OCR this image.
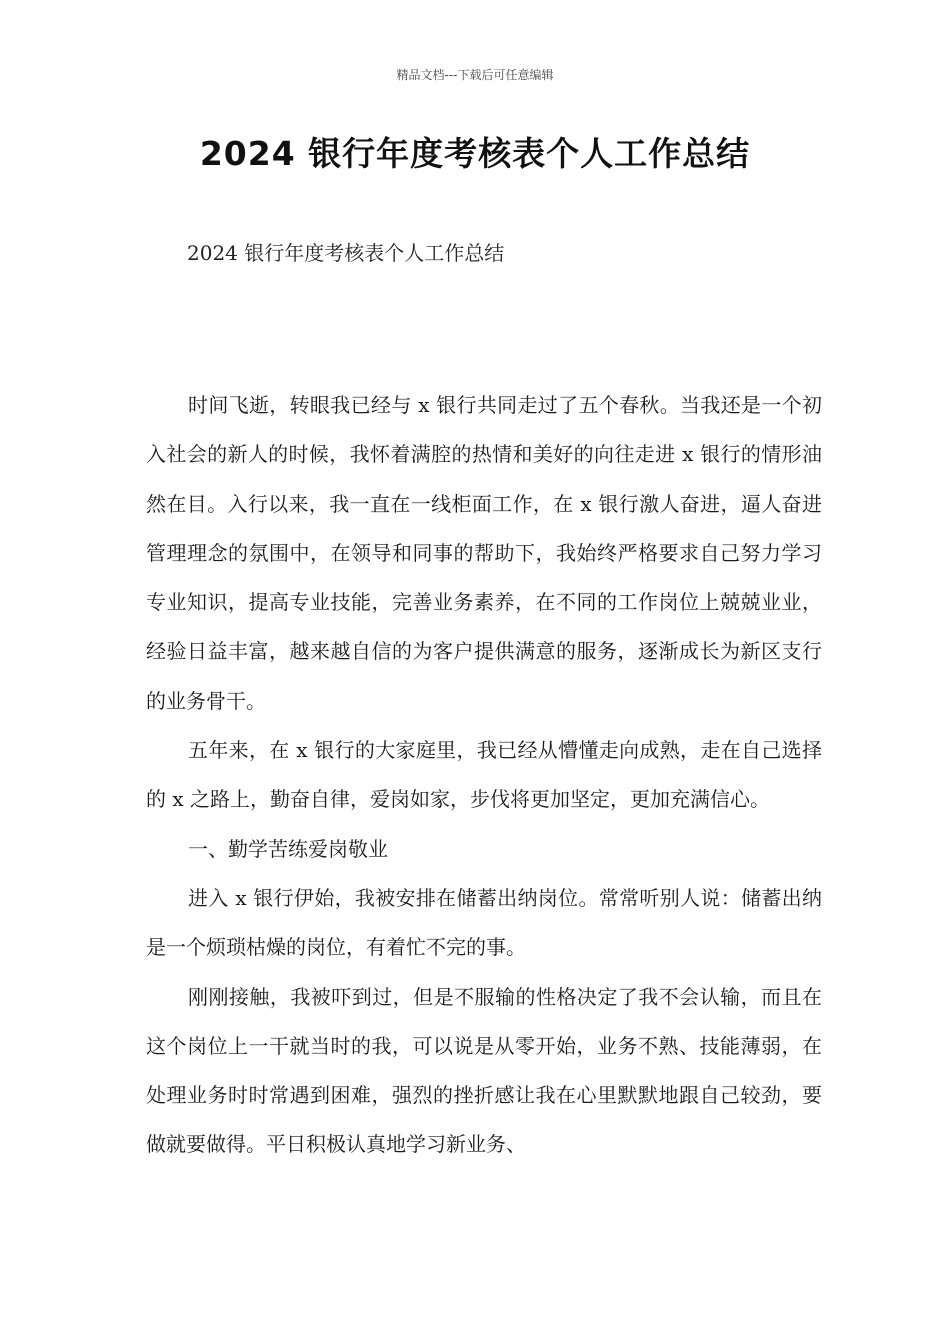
精品文档---下载后可任意编辑
2024 银行年度考核表个人工作总结
2024 银行年度考核表个人工作总结

时间飞逝，转眼我已经与 x 银行共同走过了五个春秋。当我还是一个初入社会的新人的时候，我怀着满腔的热情和美好的向往走进 x 银行的情形油然在目。入行以来，我一直在一线柜面工作，在 x 银行激人奋进，逼人奋进管理理念的氛围中，在领导和同事的帮助下，我始终严格要求自己努力学习专业知识，提高专业技能，完善业务素养，在不同的工作岗位上兢兢业业，经验日益丰富，越来越自信的为客户提供满意的服务，逐渐成长为新区支行的业务骨干。

五年来，在 x 银行的大家庭里，我已经从懵懂走向成熟，走在自己选择的 x 之路上，勤奋自律，爱岗如家，步伐将更加坚定，更加充满信心。

一、勤学苦练爱岗敬业

进入 x 银行伊始，我被安排在储蓄出纳岗位。常常听别人说：储蓄出纳是一个烦琐枯燥的岗位，有着忙不完的事。

刚刚接触，我被吓到过，但是不服输的性格决定了我不会认输，而且在这个岗位上一干就当时的我，可以说是从零开始，业务不熟、技能薄弱，在处理业务时时常遇到困难，强烈的挫折感让我在心里默默地跟自己较劲，要做就要做得。平日积极认真地学习新业务、
